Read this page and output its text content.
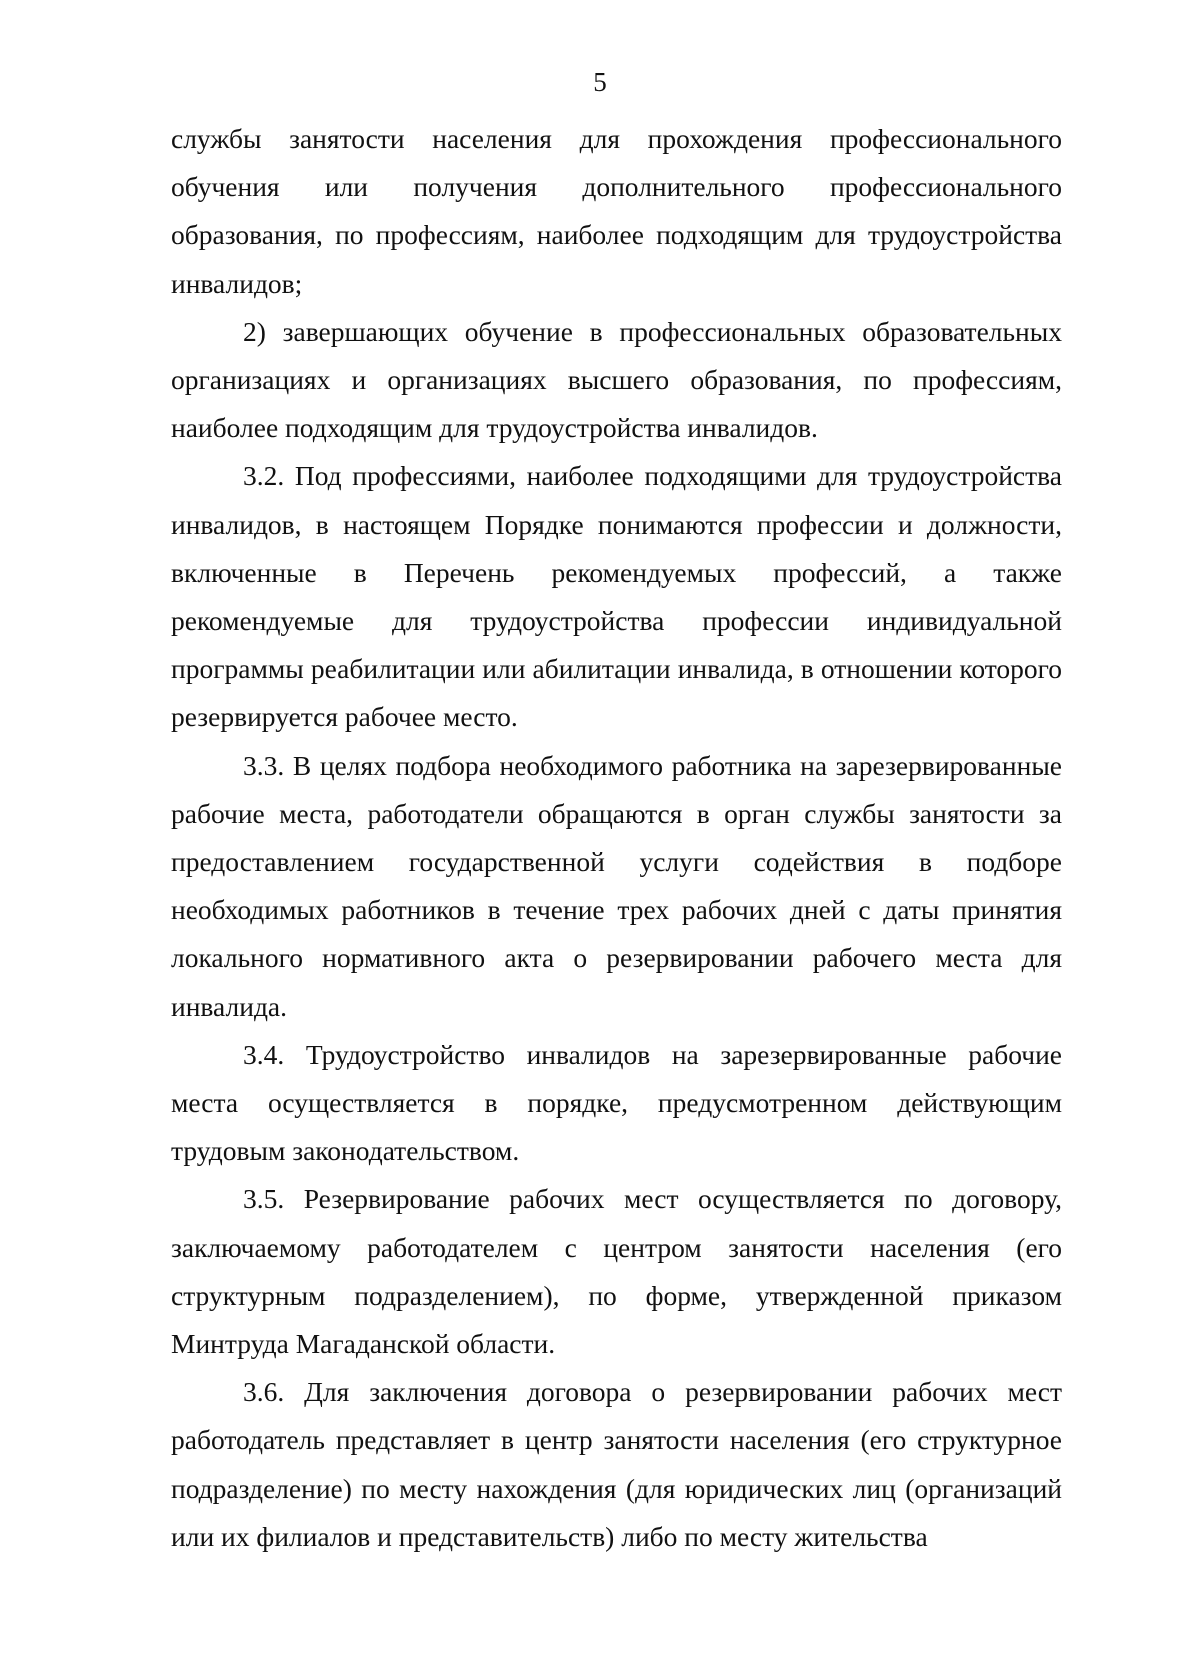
5

службы занятости населения для прохождения профессионального обучения или получения дополнительного профессионального образования, по профессиям, наиболее подходящим для трудоустройства инвалидов;

2) завершающих обучение в профессиональных образовательных организациях и организациях высшего образования, по профессиям, наиболее подходящим для трудоустройства инвалидов.

3.2. Под профессиями, наиболее подходящими для трудоустройства инвалидов, в настоящем Порядке понимаются профессии и должности, включенные в Перечень рекомендуемых профессий, а также рекомендуемые для трудоустройства профессии индивидуальной программы реабилитации или абилитации инвалида, в отношении которого резервируется рабочее место.

3.3. В целях подбора необходимого работника на зарезервированные рабочие места, работодатели обращаются в орган службы занятости за предоставлением государственной услуги содействия в подборе необходимых работников в течение трех рабочих дней с даты принятия локального нормативного акта о резервировании рабочего места для инвалида.

3.4. Трудоустройство инвалидов на зарезервированные рабочие места осуществляется в порядке, предусмотренном действующим трудовым законодательством.

3.5. Резервирование рабочих мест осуществляется по договору, заключаемому работодателем с центром занятости населения (его структурным подразделением), по форме, утвержденной приказом Минтруда Магаданской области.

3.6. Для заключения договора о резервировании рабочих мест работодатель представляет в центр занятости населения (его структурное подразделение) по месту нахождения (для юридических лиц (организаций или их филиалов и представительств) либо по месту жительства
